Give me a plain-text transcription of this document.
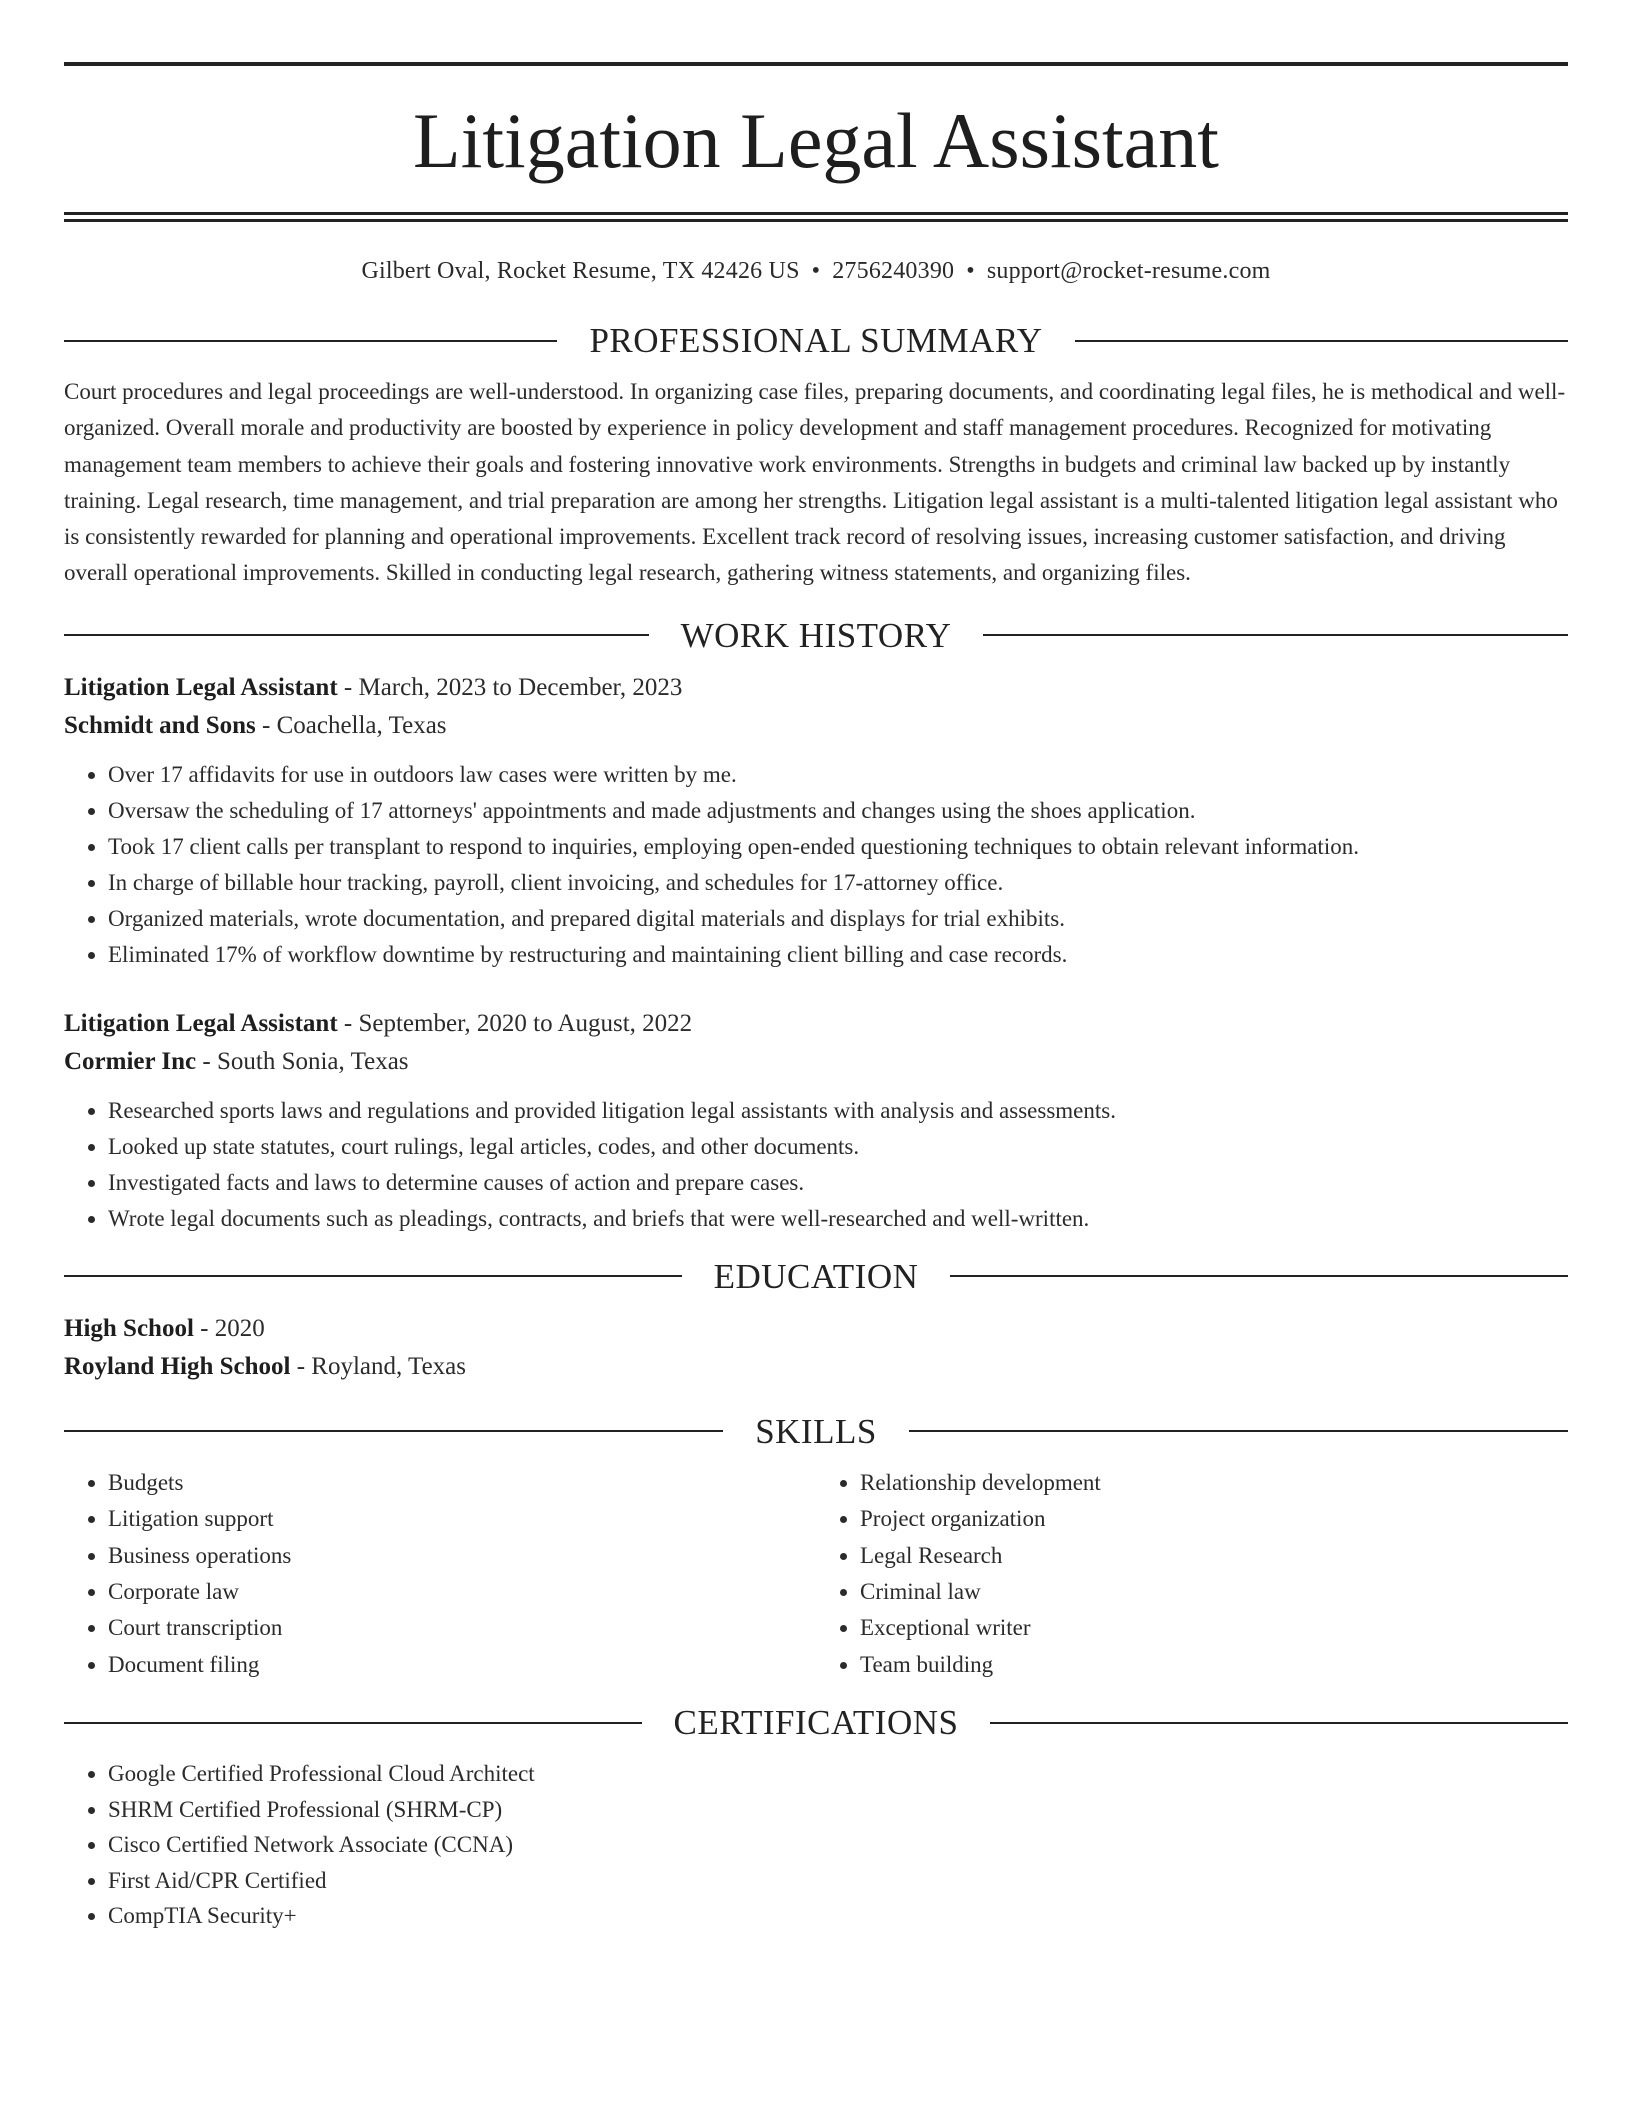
Litigation Legal Assistant
Gilbert Oval, Rocket Resume, TX 42426 US • 2756240390 • support@rocket-resume.com
PROFESSIONAL SUMMARY

Court procedures and legal proceedings are well-understood. In organizing case files, preparing documents, and coordinating legal files, he is methodical and well-organized. Overall morale and productivity are boosted by experience in policy development and staff management procedures. Recognized for motivating management team members to achieve their goals and fostering innovative work environments. Strengths in budgets and criminal law backed up by instantly training. Legal research, time management, and trial preparation are among her strengths. Litigation legal assistant is a multi-talented litigation legal assistant who is consistently rewarded for planning and operational improvements. Excellent track record of resolving issues, increasing customer satisfaction, and driving overall operational improvements. Skilled in conducting legal research, gathering witness statements, and organizing files.

WORK HISTORY
Litigation Legal Assistant - March, 2023 to December, 2023
Schmidt and Sons - Coachella, Texas
• Over 17 affidavits for use in outdoors law cases were written by me.
• Oversaw the scheduling of 17 attorneys' appointments and made adjustments and changes using the shoes application.
• Took 17 client calls per transplant to respond to inquiries, employing open-ended questioning techniques to obtain relevant information.
• In charge of billable hour tracking, payroll, client invoicing, and schedules for 17-attorney office.
• Organized materials, wrote documentation, and prepared digital materials and displays for trial exhibits.
• Eliminated 17% of workflow downtime by restructuring and maintaining client billing and case records.
Litigation Legal Assistant - September, 2020 to August, 2022
Cormier Inc - South Sonia, Texas
• Researched sports laws and regulations and provided litigation legal assistants with analysis and assessments.
• Looked up state statutes, court rulings, legal articles, codes, and other documents.
• Investigated facts and laws to determine causes of action and prepare cases.
• Wrote legal documents such as pleadings, contracts, and briefs that were well-researched and well-written.
EDUCATION
High School - 2020
Royland High School - Royland, Texas
SKILLS
• Budgets
• Litigation support
• Business operations
• Corporate law
• Court transcription
• Document filing
• Relationship development
• Project organization
• Legal Research
• Criminal law
• Exceptional writer
• Team building
CERTIFICATIONS
• Google Certified Professional Cloud Architect
• SHRM Certified Professional (SHRM-CP)
• Cisco Certified Network Associate (CCNA)
• First Aid/CPR Certified
• CompTIA Security+
